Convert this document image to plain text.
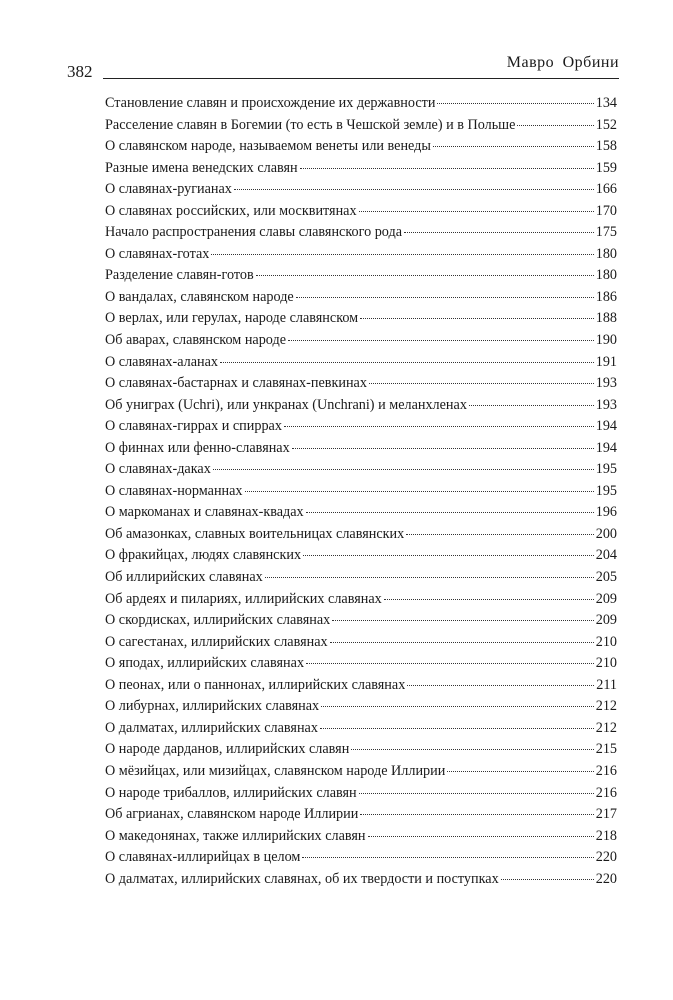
382	Мавро Орбини
Становление славян и происхождение их державности	134
Расселение славян в Богемии (то есть в Чешской земле) и в Польше	152
О славянском народе, называемом венеты или венеды	158
Разные имена венедских славян	159
О славянах-ругианах	166
О славянах российских, или москвитянах	170
Начало распространения славы славянского рода	175
О славянах-готах	180
Разделение славян-готов	180
О вандалах, славянском народе	186
О верлах, или герулах, народе славянском	188
Об аварах, славянском народе	190
О славянах-аланах	191
О славянах-бастарнах и славянах-певкинах	193
Об униграх (Uchri), или ункранах (Unchrani) и меланхленах	193
О славянах-гиррах и спиррах	194
О финнах или фенно-славянах	194
О славянах-даках	195
О славянах-норманнах	195
О маркоманах и славянах-квадах	196
Об амазонках, славных воительницах славянских	200
О фракийцах, людях славянских	204
Об иллирийских славянах	205
Об ардеях и пилариях, иллирийских славянах	209
О скордисках, иллирийских славянах	209
О сагестанах, иллирийских славянах	210
О яподах, иллирийских славянах	210
О пеонах, или о паннонах, иллирийских славянах	211
О либурнах, иллирийских славянах	212
О далматах, иллирийских славянах	212
О народе дарданов, иллирийских славян	215
О мёзийцах, или мизийцах, славянском народе Иллирии	216
О народе трибаллов, иллирийских славян	216
Об агрианах, славянском народе Иллирии	217
О македонянах, также иллирийских славян	218
О славянах-иллирийцах в целом	220
О далматах, иллирийских славянах, об их твердости и поступках	220
